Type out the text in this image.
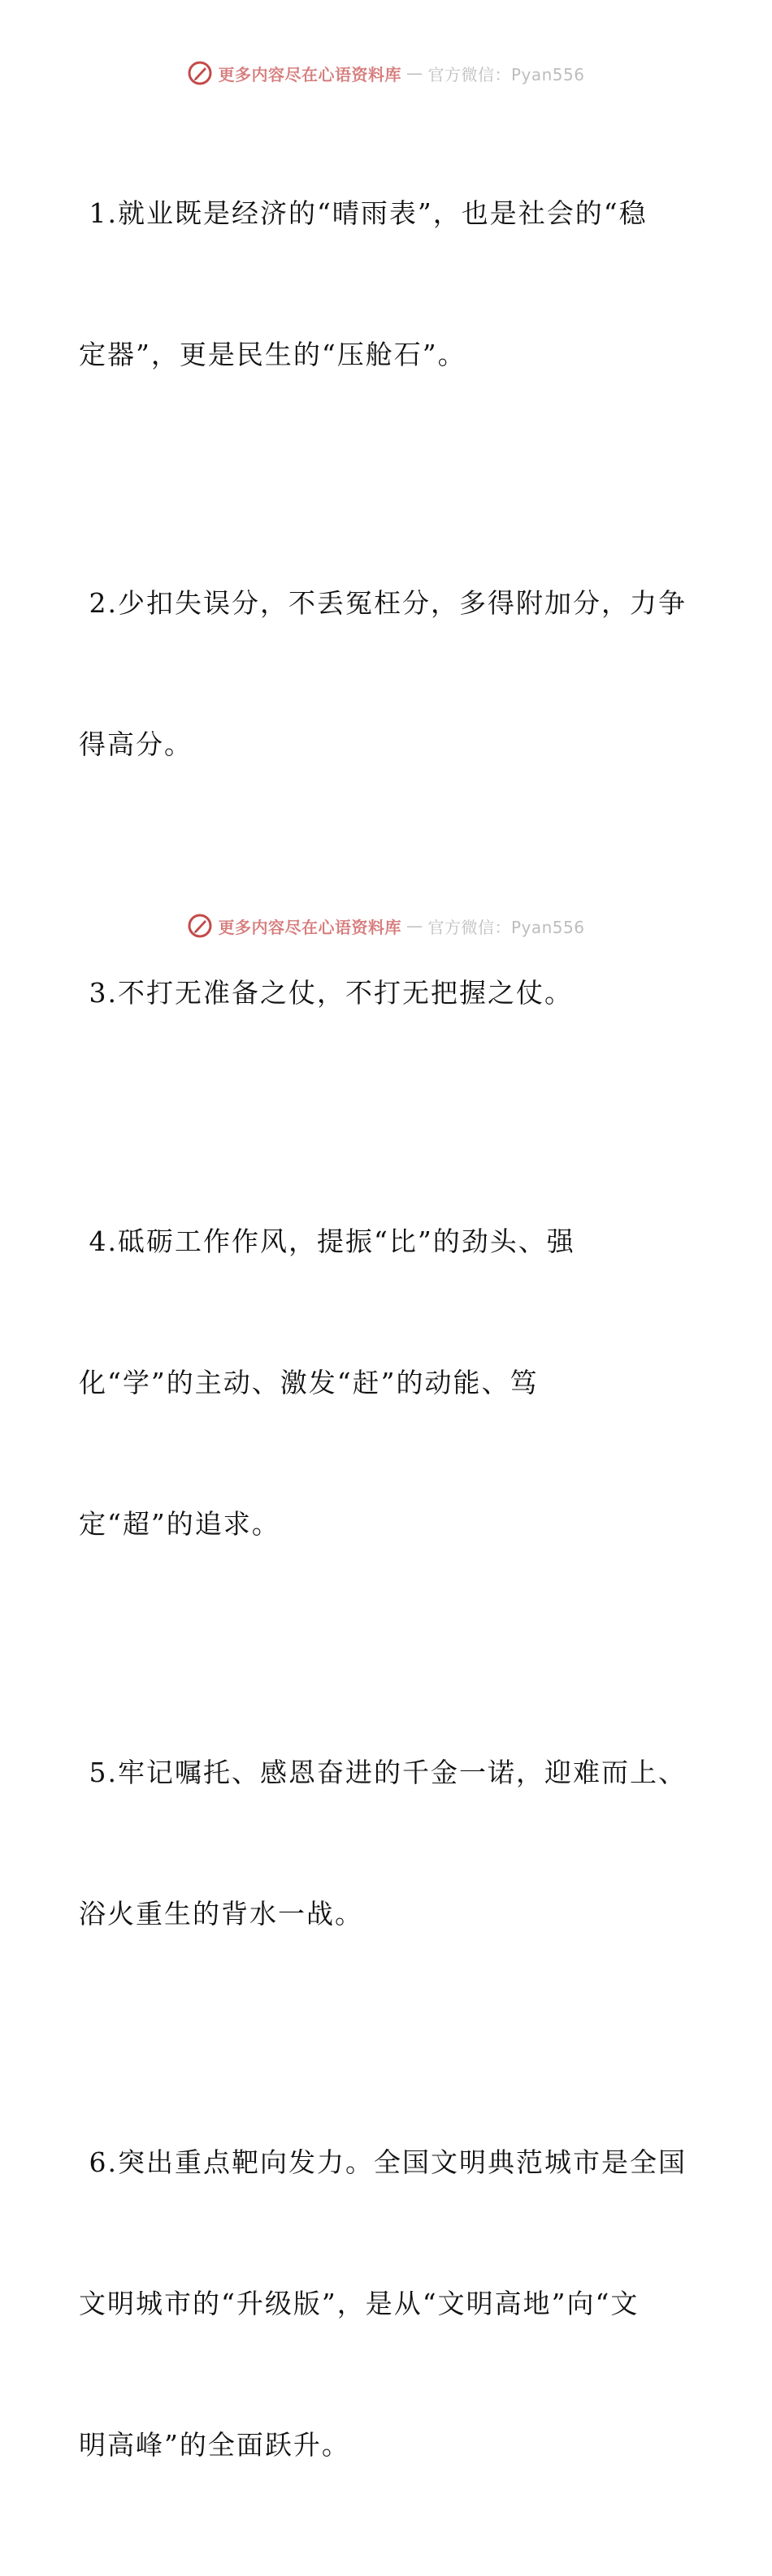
更多内容尽在心语资料库 — 官方微信：Pyan556

1.就业既是经济的“晴雨表”，也是社会的“稳

定器”，更是民生的“压舱石”。

2.少扣失误分，不丢冤枉分，多得附加分，力争

得高分。

3.不打无准备之仗，不打无把握之仗。

4.砥砺工作作风，提振“比”的劲头、强

化“学”的主动、激发“赶”的动能、笃

定“超”的追求。

5.牢记嘱托、感恩奋进的千金一诺，迎难而上、

浴火重生的背水一战。

6.突出重点靶向发力。全国文明典范城市是全国

文明城市的“升级版”，是从“文明高地”向“文

明高峰”的全面跃升。

更多内容尽在心语资料库 — 官方微信：Pyan556
